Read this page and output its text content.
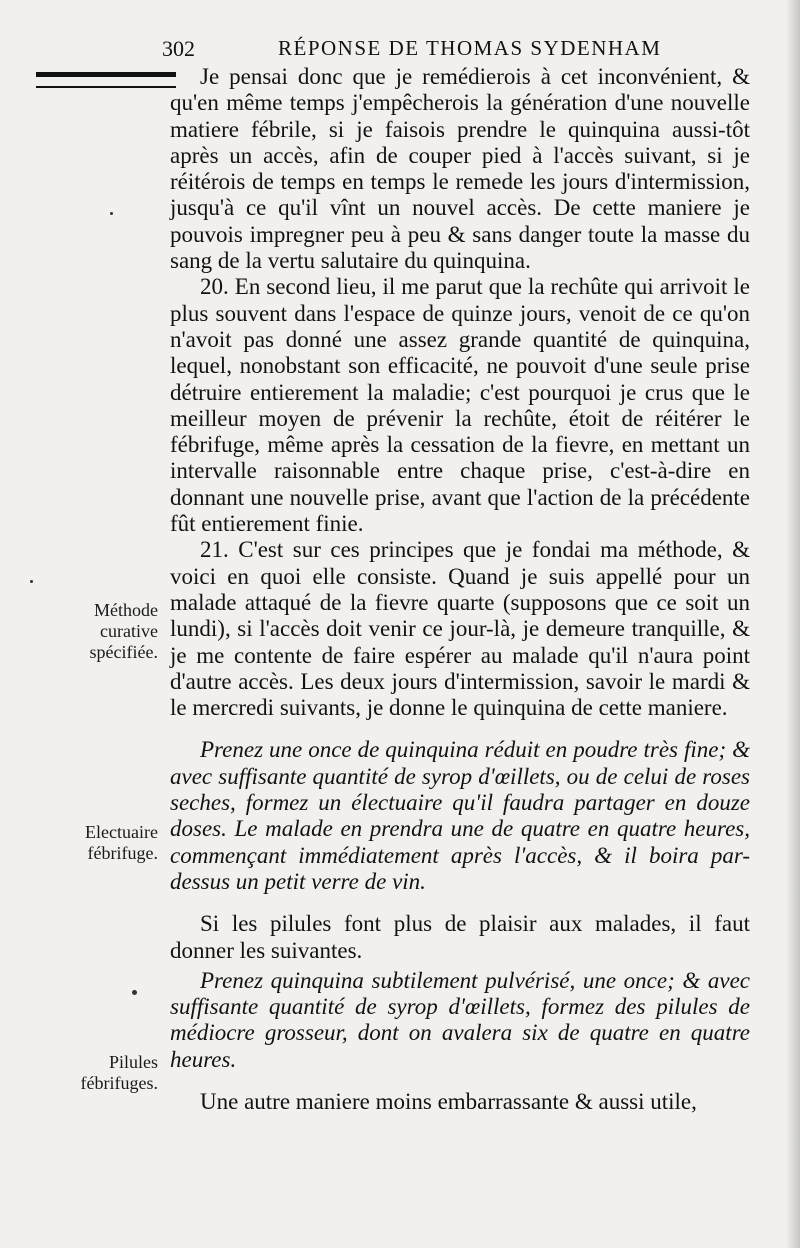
302	RÉPONSE DE THOMAS SYDENHAM

Je pensai donc que je remédierois à cet inconvénient, & qu'en même temps j'empêcherois la génération d'une nouvelle matiere fébrile, si je faisois prendre le quinquina aussi-tôt après un accès, afin de couper pied à l'accès suivant, si je réitérois de temps en temps le remede les jours d'intermission, jusqu'à ce qu'il vînt un nouvel accès. De cette maniere je pouvois impregner peu à peu & sans danger toute la masse du sang de la vertu salutaire du quinquina.

20. En second lieu, il me parut que la rechûte qui arrivoit le plus souvent dans l'espace de quinze jours, venoit de ce qu'on n'avoit pas donné une assez grande quantité de quinquina, lequel, nonobstant son efficacité, ne pouvoit d'une seule prise détruire entierement la maladie; c'est pourquoi je crus que le meilleur moyen de prévenir la rechûte, étoit de réitérer le fébrifuge, même après la cessation de la fievre, en mettant un intervalle raisonnable entre chaque prise, c'est-à-dire en donnant une nouvelle prise, avant que l'action de la précédente fût entierement finie.

21. C'est sur ces principes que je fondai ma méthode, & voici en quoi elle consiste. Quand je suis appellé pour un malade attaqué de la fievre quarte (supposons que ce soit un lundi), si l'accès doit venir ce jour-là, je demeure tranquille, & je me contente de faire espérer au malade qu'il n'aura point d'autre accès. Les deux jours d'intermission, savoir le mardi & le mercredi suivants, je donne le quinquina de cette maniere.

Prenez une once de quinquina réduit en poudre très fine; & avec suffisante quantité de syrop d'œillets, ou de celui de roses seches, formez un électuaire qu'il faudra partager en douze doses. Le malade en prendra une de quatre en quatre heures, commençant immédiatement après l'accès, & il boira par-dessus un petit verre de vin.

Si les pilules font plus de plaisir aux malades, il faut donner les suivantes.

Prenez quinquina subtilement pulvérisé, une once; & avec suffisante quantité de syrop d'œillets, formez des pilules de médiocre grosseur, dont on avalera six de quatre en quatre heures.

Une autre maniere moins embarrassante & aussi utile,

Méthode curative spécifiée.
Electuaire fébrifuge.
Pilules fébrifuges.
